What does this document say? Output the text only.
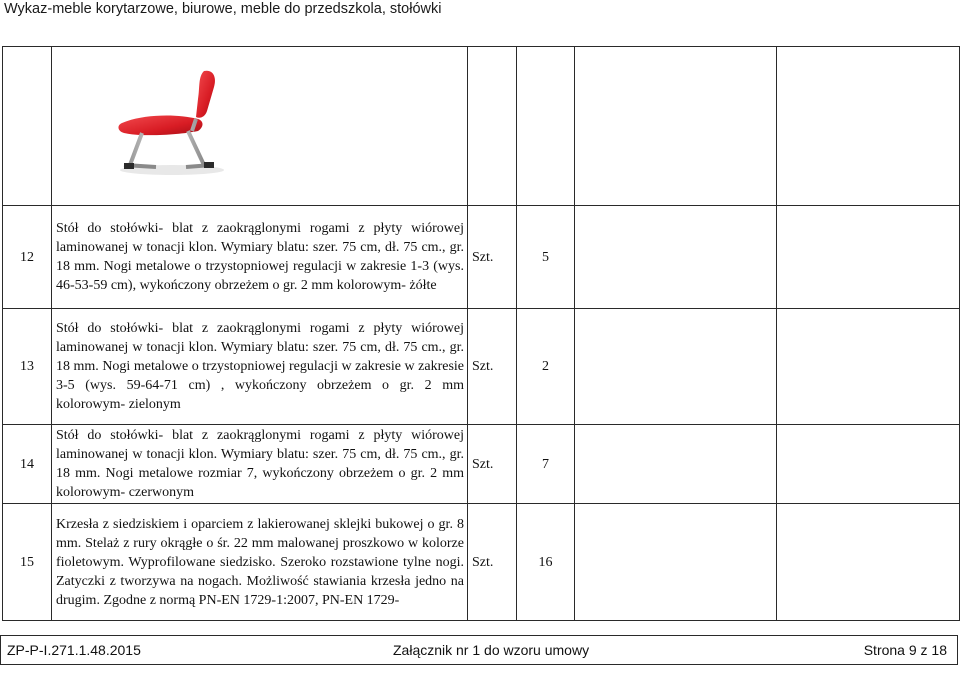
Wykaz-meble korytarzowe, biurowe, meble do przedszkola, stołówki

12	Stół do stołówki- blat z zaokrąglonymi rogami z płyty wiórowej laminowanej w tonacji klon. Wymiary blatu: szer. 75 cm, dł. 75 cm., gr. 18 mm. Nogi metalowe o trzystopniowej regulacji w zakresie 1-3 (wys. 46-53-59 cm), wykończony obrzeżem o gr. 2 mm kolorowym- żółte	Szt.	5		
13	Stół do stołówki- blat z zaokrąglonymi rogami z płyty wiórowej laminowanej w tonacji klon. Wymiary blatu: szer. 75 cm, dł. 75 cm., gr. 18 mm. Nogi metalowe o trzystopniowej regulacji w zakresie w zakresie 3-5 (wys. 59-64-71 cm) , wykończony obrzeżem o gr. 2 mm kolorowym- zielonym	Szt.	2		
14	Stół do stołówki- blat z zaokrąglonymi rogami z płyty wiórowej laminowanej w tonacji klon. Wymiary blatu: szer. 75 cm, dł. 75 cm., gr. 18 mm. Nogi metalowe rozmiar 7, wykończony obrzeżem o gr. 2 mm kolorowym- czerwonym	Szt.	7		
15	Krzesła z siedziskiem i oparciem z lakierowanej sklejki bukowej o gr. 8 mm. Stelaż z rury okrągłe o śr. 22 mm malowanej proszkowo w kolorze fioletowym. Wyprofilowane siedzisko. Szeroko rozstawione tylne nogi. Zatyczki z tworzywa na nogach. Możliwość stawiania krzesła jedno na drugim. Zgodne z normą PN-EN 1729-1:2007, PN-EN 1729-	Szt.	16		
ZP-P-I.271.1.48.2015	Załącznik nr 1 do wzoru umowy	Strona 9 z 18
